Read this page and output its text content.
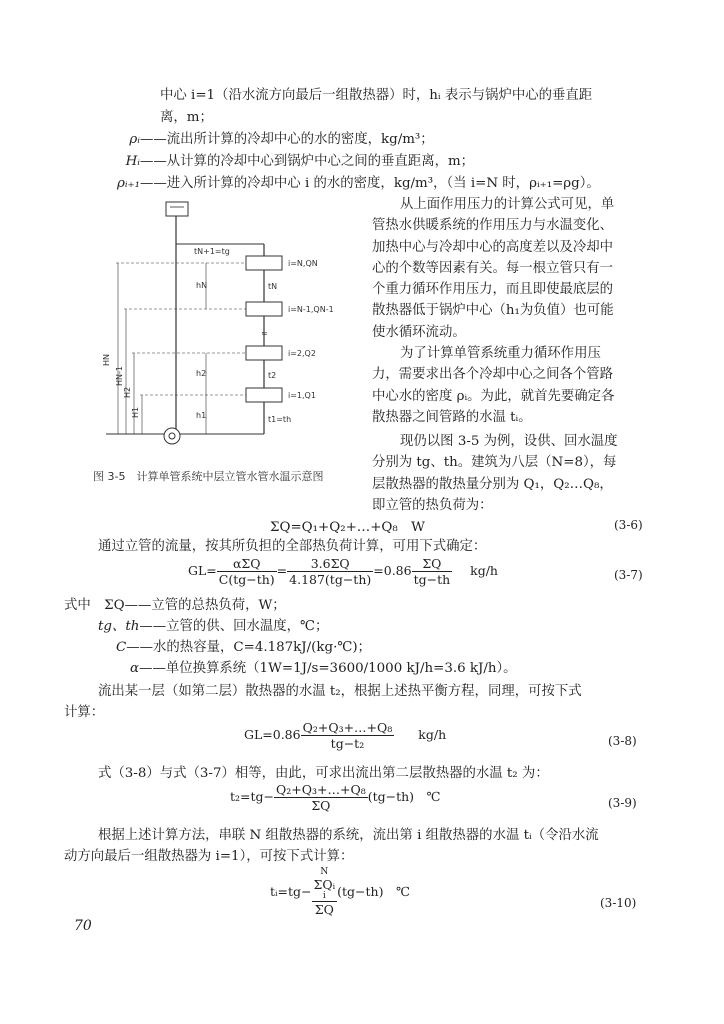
中心 i=1（沿水流方向最后一组散热器）时，hᵢ 表示与锅炉中心的垂直距
离，m；
ρᵢ——流出所计算的冷却中心的水的密度，kg/m³；
Hᵢ——从计算的冷却中心到锅炉中心之间的垂直距离，m；
ρᵢ₊₁——进入所计算的冷却中心 i 的水的密度，kg/m³，（当 i=N 时，ρᵢ₊₁=ρg）。
≈
tN+1=tg
i=N,QN
tN
i=N-1,QN-1
i=2,Q2
t2
i=1,Q1
t1=th
hN
h2
h1
HN
HN-1
H2
H1
图 3-5　计算单管系统中层立管水管水温示意图
从上面作用压力的计算公式可见，单
管热水供暖系统的作用压力与水温变化、
加热中心与冷却中心的高度差以及冷却中
心的个数等因素有关。每一根立管只有一
个重力循环作用压力，而且即使最底层的
散热器低于锅炉中心（h₁为负值）也可能
使水循环流动。
为了计算单管系统重力循环作用压
力，需要求出各个冷却中心之间各个管路
中心水的密度 ρᵢ。为此，就首先要确定各
散热器之间管路的水温 tᵢ。
现仍以图 3-5 为例，设供、回水温度
分别为 tg、th。建筑为八层（N=8），每
层散热器的散热量分别为 Q₁，Q₂…Q₈，
即立管的热负荷为：
ΣQ=Q₁+Q₂+…+Q₈　W	(3-6)
通过立管的流量，按其所负担的全部热负荷计算，可用下式确定：
$GL= \frac{\text{αΣQ}}{C(tg-th)} = \frac{3.6\Sigma Q}{4.187(tg-th)} =0.86 \frac{\Sigma Q}{tg-th} kg/h$	(3-7)
式中　ΣQ——立管的总热负荷，W；
tg、th——立管的供、回水温度，℃；
C——水的热容量，C=4.187kJ/(kg·℃)；
α——单位换算系统（1W=1J/s=3600/1000 kJ/h=3.6 kJ/h）。
流出某一层（如第二层）散热器的水温 t₂，根据上述热平衡方程，同理，可按下式
计算：
$GL=0.86 \frac{\text{Q₂+Q₃+…+Q₈}}{\text{tg−t₂}} kg/h$	(3-8)
式（3-8）与式（3-7）相等，由此，可求出流出第二层散热器的水温 t₂ 为：
$t_2=tg- \frac{\text{Q₂+Q₃+…+Q₈}}{\Sigma Q} (tg-th)$　℃	(3-9)
根据上述计算方法，串联 N 组散热器的系统，流出第 i 组散热器的水温 tᵢ（令沿水流
动方向最后一组散热器为 i=1），可按下式计算：
tᵢ=tg− N
ΣQᵢ
i
ΣQ (tg−th)　℃
(3-10)
70
